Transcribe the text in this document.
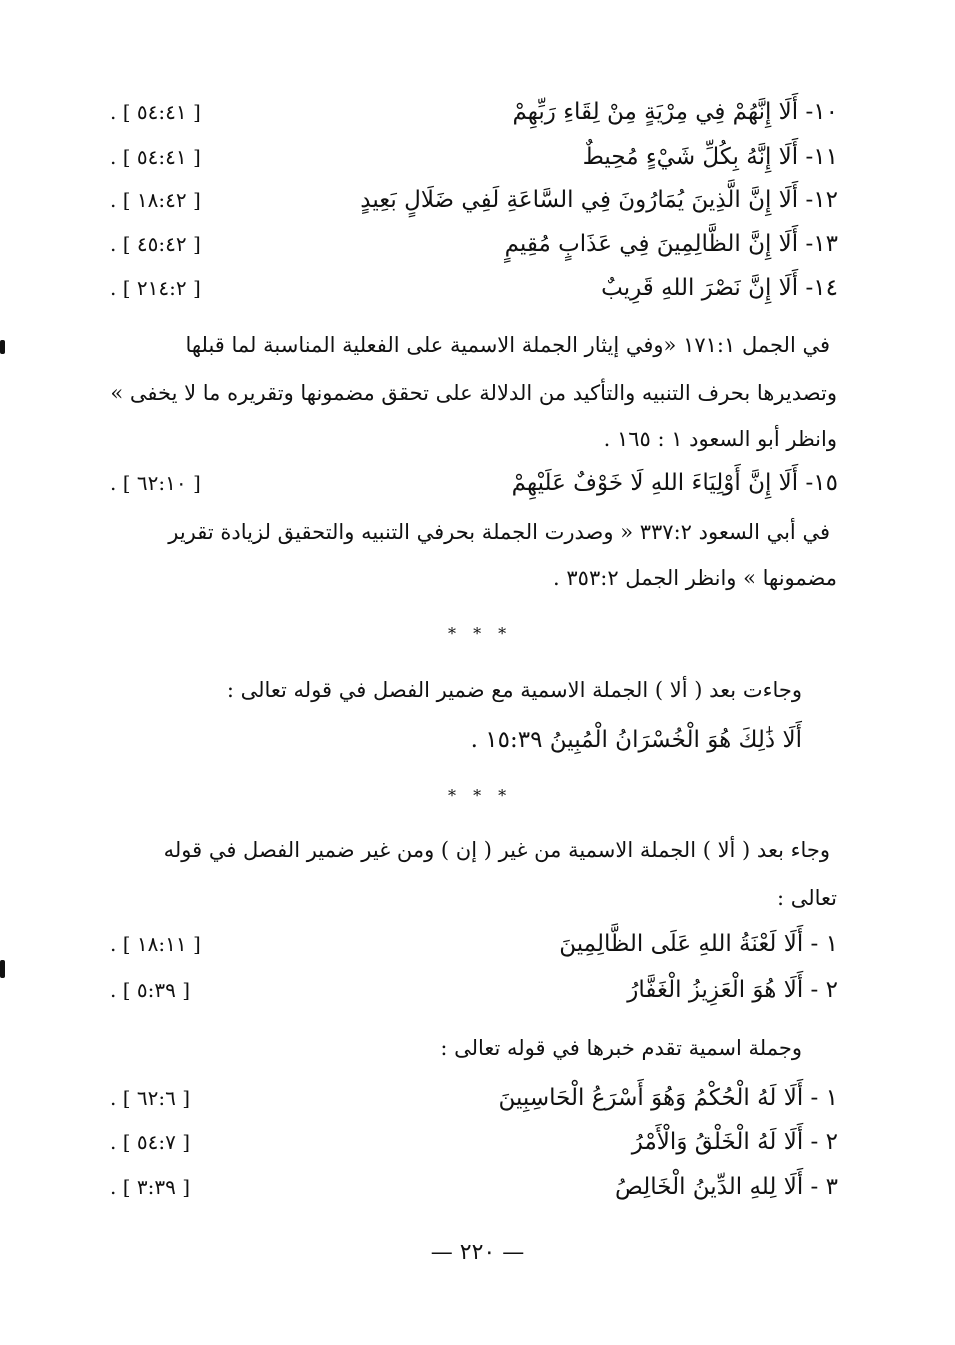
١٠- أَلَا إِنَّهُمْ فِي مِرْيَةٍ مِنْ لِقَاءِ رَبِّهِمْ
[ ٥٤:٤١ ] .
١١- أَلَا إِنَّهُ بِكُلِّ شَيْءٍ مُحِيطٌ
[ ٥٤:٤١ ] .
١٢- أَلَا إِنَّ الَّذِينَ يُمَارُونَ فِي السَّاعَةِ لَفِي ضَلَالٍ بَعِيدٍ
[ ١٨:٤٢ ] .
١٣- أَلَا إِنَّ الظَّالِمِينَ فِي عَذَابٍ مُقِيمٍ
[ ٤٥:٤٢ ] .
١٤- أَلَا إِنَّ نَصْرَ اللهِ قَرِيبٌ
[ ٢١٤:٢ ] .
في الجمل ١٧١:١ «وفي إيثار الجملة الاسمية على الفعلية المناسبة لما قبلها
وتصديرها بحرف التنبيه والتأكيد من الدلالة على تحقق مضمونها وتقريره ما لا يخفى »
وانظر أبو السعود ١ : ١٦٥ .
١٥- أَلَا إِنَّ أَوْلِيَاءَ اللهِ لَا خَوْفٌ عَلَيْهِمْ
[ ٦٢:١٠ ] .
في أبي السعود ٣٣٧:٢ « وصدرت الجملة بحرفي التنبيه والتحقيق لزيادة تقرير
مضمونها » وانظر الجمل ٣٥٣:٢ .
* * *
وجاءت بعد ( ألا ) الجملة الاسمية مع ضمير الفصل في قوله تعالى :
أَلَا ذَٰلِكَ هُوَ الْخُسْرَانُ الْمُبِينُ ١٥:٣٩ .
* * *
وجاء بعد ( ألا ) الجملة الاسمية من غير ( إن ) ومن غير ضمير الفصل في قوله
تعالى :
١ - أَلَا لَعْنَةُ اللهِ عَلَى الظَّالِمِينَ
[ ١٨:١١ ] .
٢ - أَلَا هُوَ الْعَزِيزُ الْغَفَّارُ
[ ٥:٣٩ ] .
وجملة اسمية تقدم خبرها في قوله تعالى :
١ - أَلَا لَهُ الْحُكْمُ وَهُوَ أَسْرَعُ الْحَاسِبِينَ
[ ٦٢:٦ ] .
٢ - أَلَا لَهُ الْخَلْقُ وَالْأَمْرُ
[ ٥٤:٧ ] .
٣ - أَلَا لِلهِ الدِّينُ الْخَالِصُ
[ ٣:٣٩ ] .
— ٢٢٠ —
